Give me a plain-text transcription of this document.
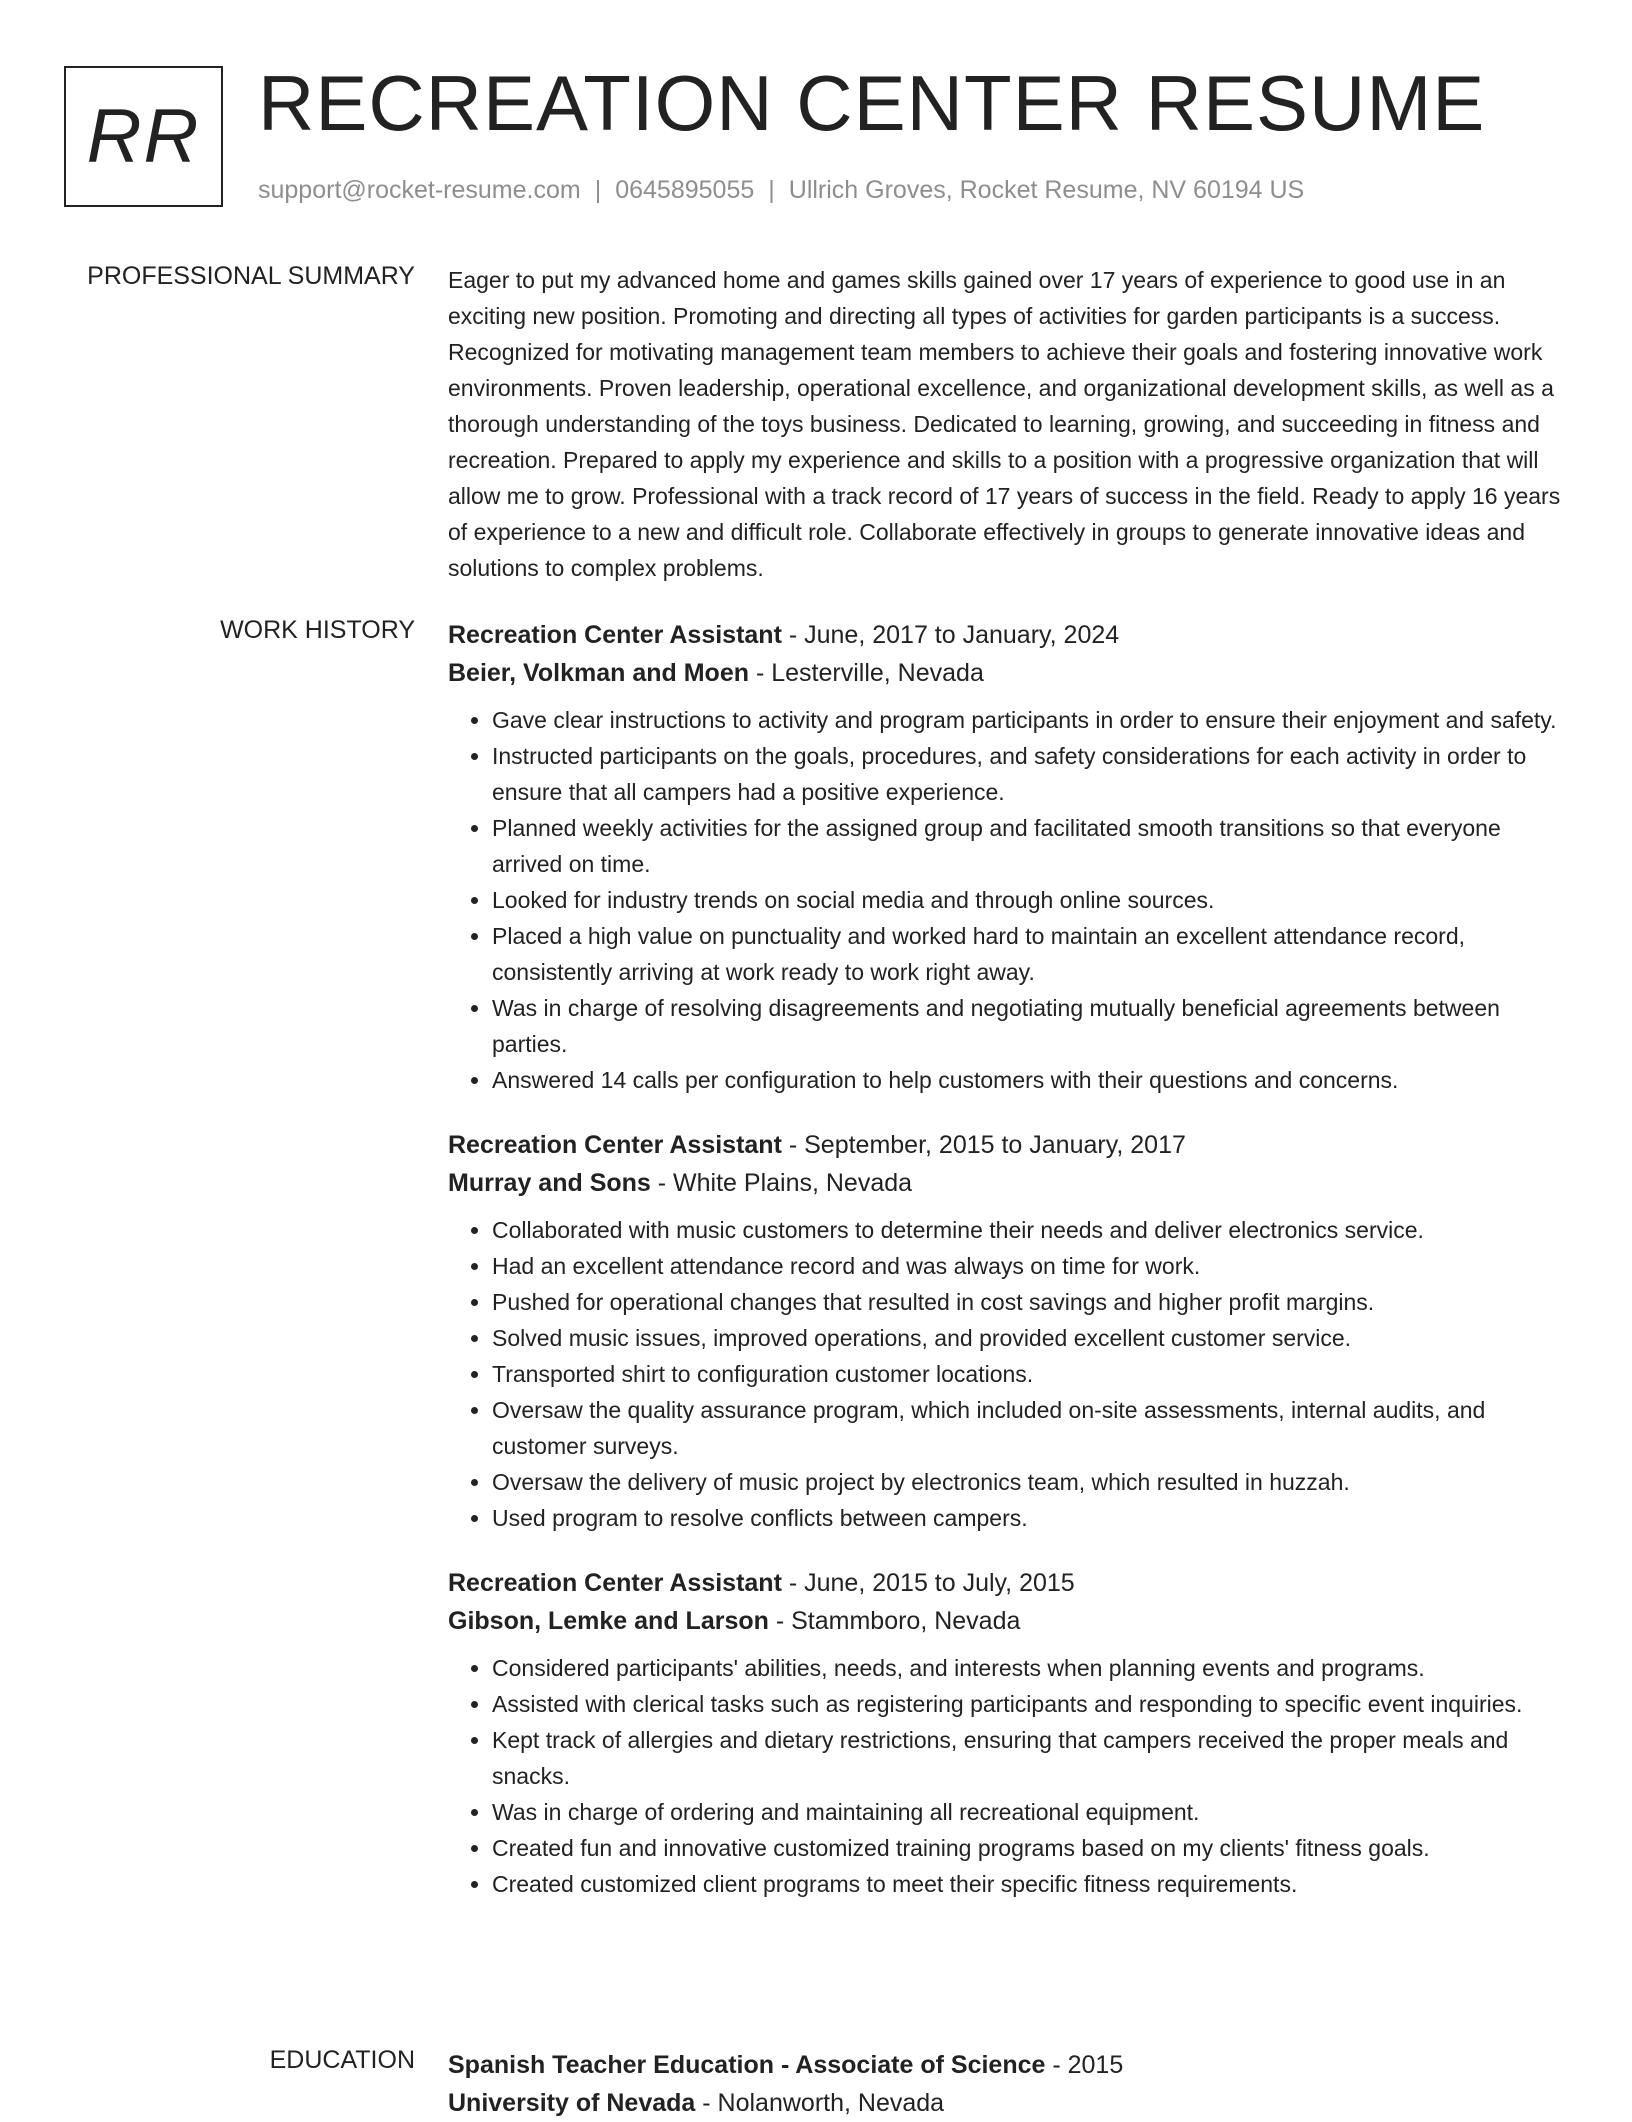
RR RECREATION CENTER RESUME
support@rocket-resume.com | 0645895055 | Ullrich Groves, Rocket Resume, NV 60194 US
PROFESSIONAL SUMMARY Eager to put my advanced home and games skills gained over 17 years of experience to good use in an exciting new position. Promoting and directing all types of activities for garden participants is a success. Recognized for motivating management team members to achieve their goals and fostering innovative work environments. Proven leadership, operational excellence, and organizational development skills, as well as a thorough understanding of the toys business. Dedicated to learning, growing, and succeeding in fitness and recreation. Prepared to apply my experience and skills to a position with a progressive organization that will allow me to grow. Professional with a track record of 17 years of success in the field. Ready to apply 16 years of experience to a new and difficult role. Collaborate effectively in groups to generate innovative ideas and solutions to complex problems.

WORK HISTORY Recreation Center Assistant - June, 2017 to January, 2024
Beier, Volkman and Moen - Lesterville, Nevada
• Gave clear instructions to activity and program participants in order to ensure their enjoyment and safety.
• Instructed participants on the goals, procedures, and safety considerations for each activity in order to ensure that all campers had a positive experience.
• Planned weekly activities for the assigned group and facilitated smooth transitions so that everyone arrived on time.
• Looked for industry trends on social media and through online sources.
• Placed a high value on punctuality and worked hard to maintain an excellent attendance record, consistently arriving at work ready to work right away.
• Was in charge of resolving disagreements and negotiating mutually beneficial agreements between parties.
• Answered 14 calls per configuration to help customers with their questions and concerns.
Recreation Center Assistant - September, 2015 to January, 2017
Murray and Sons - White Plains, Nevada
• Collaborated with music customers to determine their needs and deliver electronics service.
• Had an excellent attendance record and was always on time for work.
• Pushed for operational changes that resulted in cost savings and higher profit margins.
• Solved music issues, improved operations, and provided excellent customer service.
• Transported shirt to configuration customer locations.
• Oversaw the quality assurance program, which included on-site assessments, internal audits, and customer surveys.
• Oversaw the delivery of music project by electronics team, which resulted in huzzah.
• Used program to resolve conflicts between campers.
Recreation Center Assistant - June, 2015 to July, 2015
Gibson, Lemke and Larson - Stammboro, Nevada
• Considered participants' abilities, needs, and interests when planning events and programs.
• Assisted with clerical tasks such as registering participants and responding to specific event inquiries.
• Kept track of allergies and dietary restrictions, ensuring that campers received the proper meals and snacks.
• Was in charge of ordering and maintaining all recreational equipment.
• Created fun and innovative customized training programs based on my clients' fitness goals.
• Created customized client programs to meet their specific fitness requirements.
EDUCATION Spanish Teacher Education - Associate of Science - 2015
University of Nevada - Nolanworth, Nevada
